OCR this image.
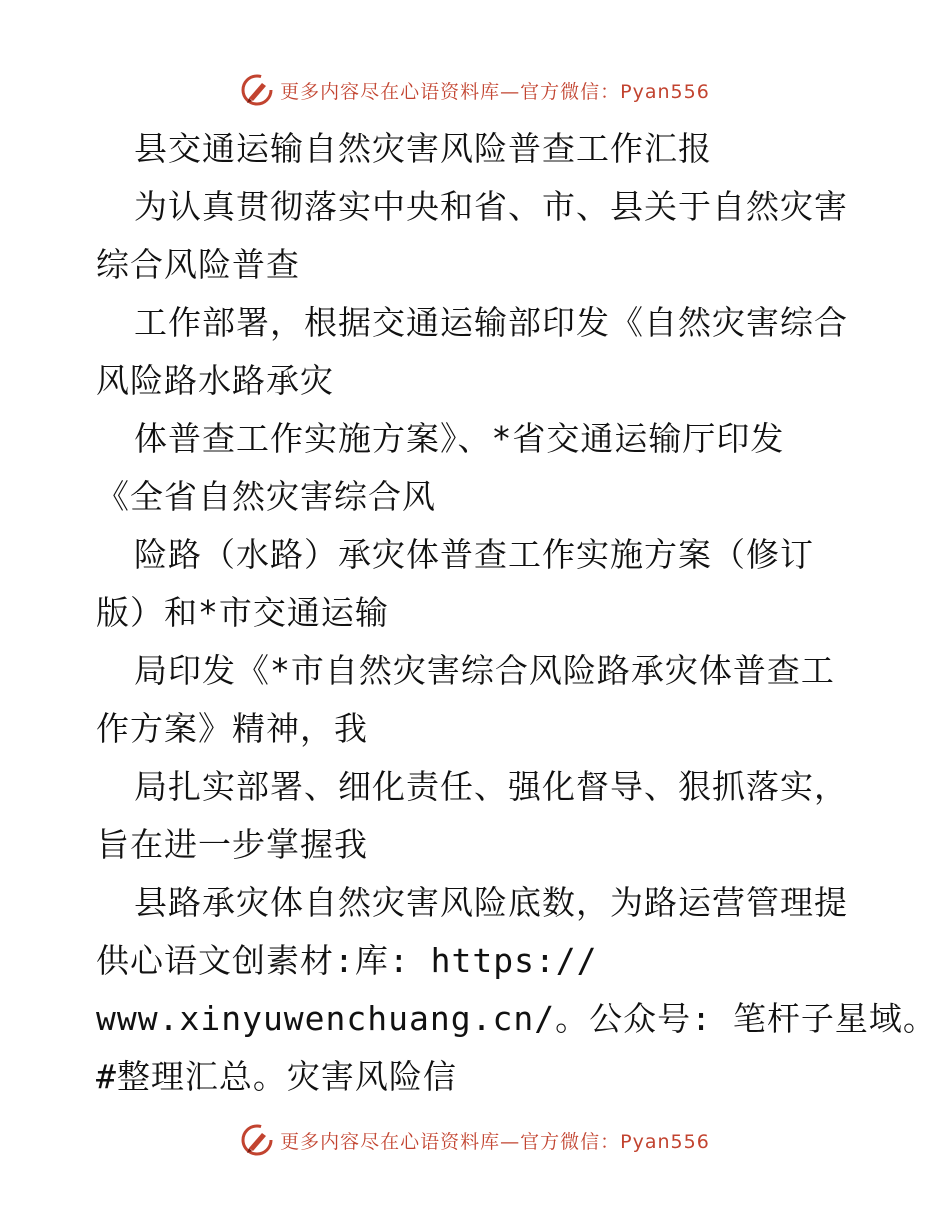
更多内容尽在心语资料库—官方微信：Pyan556
县交通运输自然灾害风险普查工作汇报
为认真贯彻落实中央和省、市、县关于自然灾害
综合风险普查
工作部署，根据交通运输部印发《自然灾害综合
风险路水路承灾
体普查工作实施方案》、*省交通运输厅印发
《全省自然灾害综合风
险路（水路）承灾体普查工作实施方案（修订
版）和*市交通运输
局印发《*市自然灾害综合风险路承灾体普查工
作方案》精神，我
局扎实部署、细化责任、强化督导、狠抓落实，
旨在进一步掌握我
县路承灾体自然灾害风险底数，为路运营管理提
供心语文创素材:库: https://
www.xinyuwenchuang.cn/。公众号: 笔杆子星域。
#整理汇总。灾害风险信
更多内容尽在心语资料库—官方微信：Pyan556
